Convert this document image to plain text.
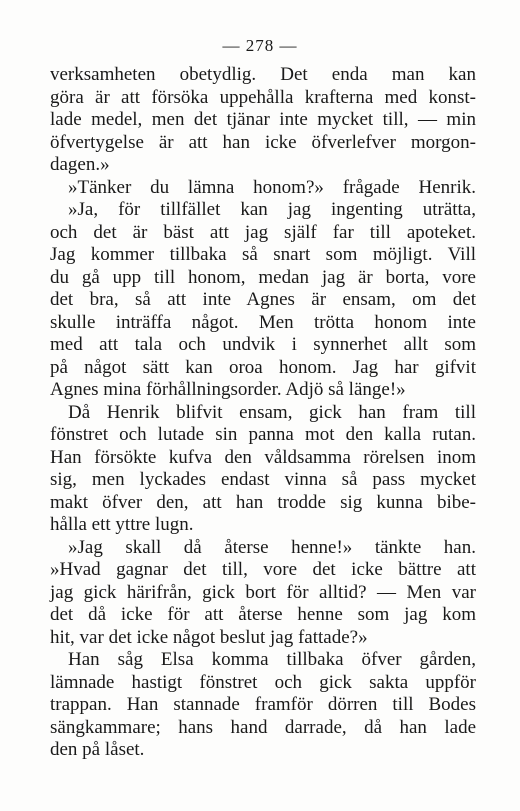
— 278 —
verksamheten obetydlig. Det enda man kan
göra är att försöka uppehålla krafterna med konst-
lade medel, men det tjänar inte mycket till, — min
öfvertygelse är att han icke öfverlefver morgon-
dagen.»
»Tänker du lämna honom?» frågade Henrik.
»Ja, för tillfället kan jag ingenting uträtta,
och det är bäst att jag själf far till apoteket.
Jag kommer tillbaka så snart som möjligt. Vill
du gå upp till honom, medan jag är borta, vore
det bra, så att inte Agnes är ensam, om det
skulle inträffa något. Men trötta honom inte
med att tala och undvik i synnerhet allt som
på något sätt kan oroa honom. Jag har gifvit
Agnes mina förhållningsorder. Adjö så länge!»
Då Henrik blifvit ensam, gick han fram till
fönstret och lutade sin panna mot den kalla rutan.
Han försökte kufva den våldsamma rörelsen inom
sig, men lyckades endast vinna så pass mycket
makt öfver den, att han trodde sig kunna bibe-
hålla ett yttre lugn.
»Jag skall då återse henne!» tänkte han.
»Hvad gagnar det till, vore det icke bättre att
jag gick härifrån, gick bort för alltid? — Men var
det då icke för att återse henne som jag kom
hit, var det icke något beslut jag fattade?»
Han såg Elsa komma tillbaka öfver gården,
lämnade hastigt fönstret och gick sakta uppför
trappan. Han stannade framför dörren till Bodes
sängkammare; hans hand darrade, då han lade
den på låset.
